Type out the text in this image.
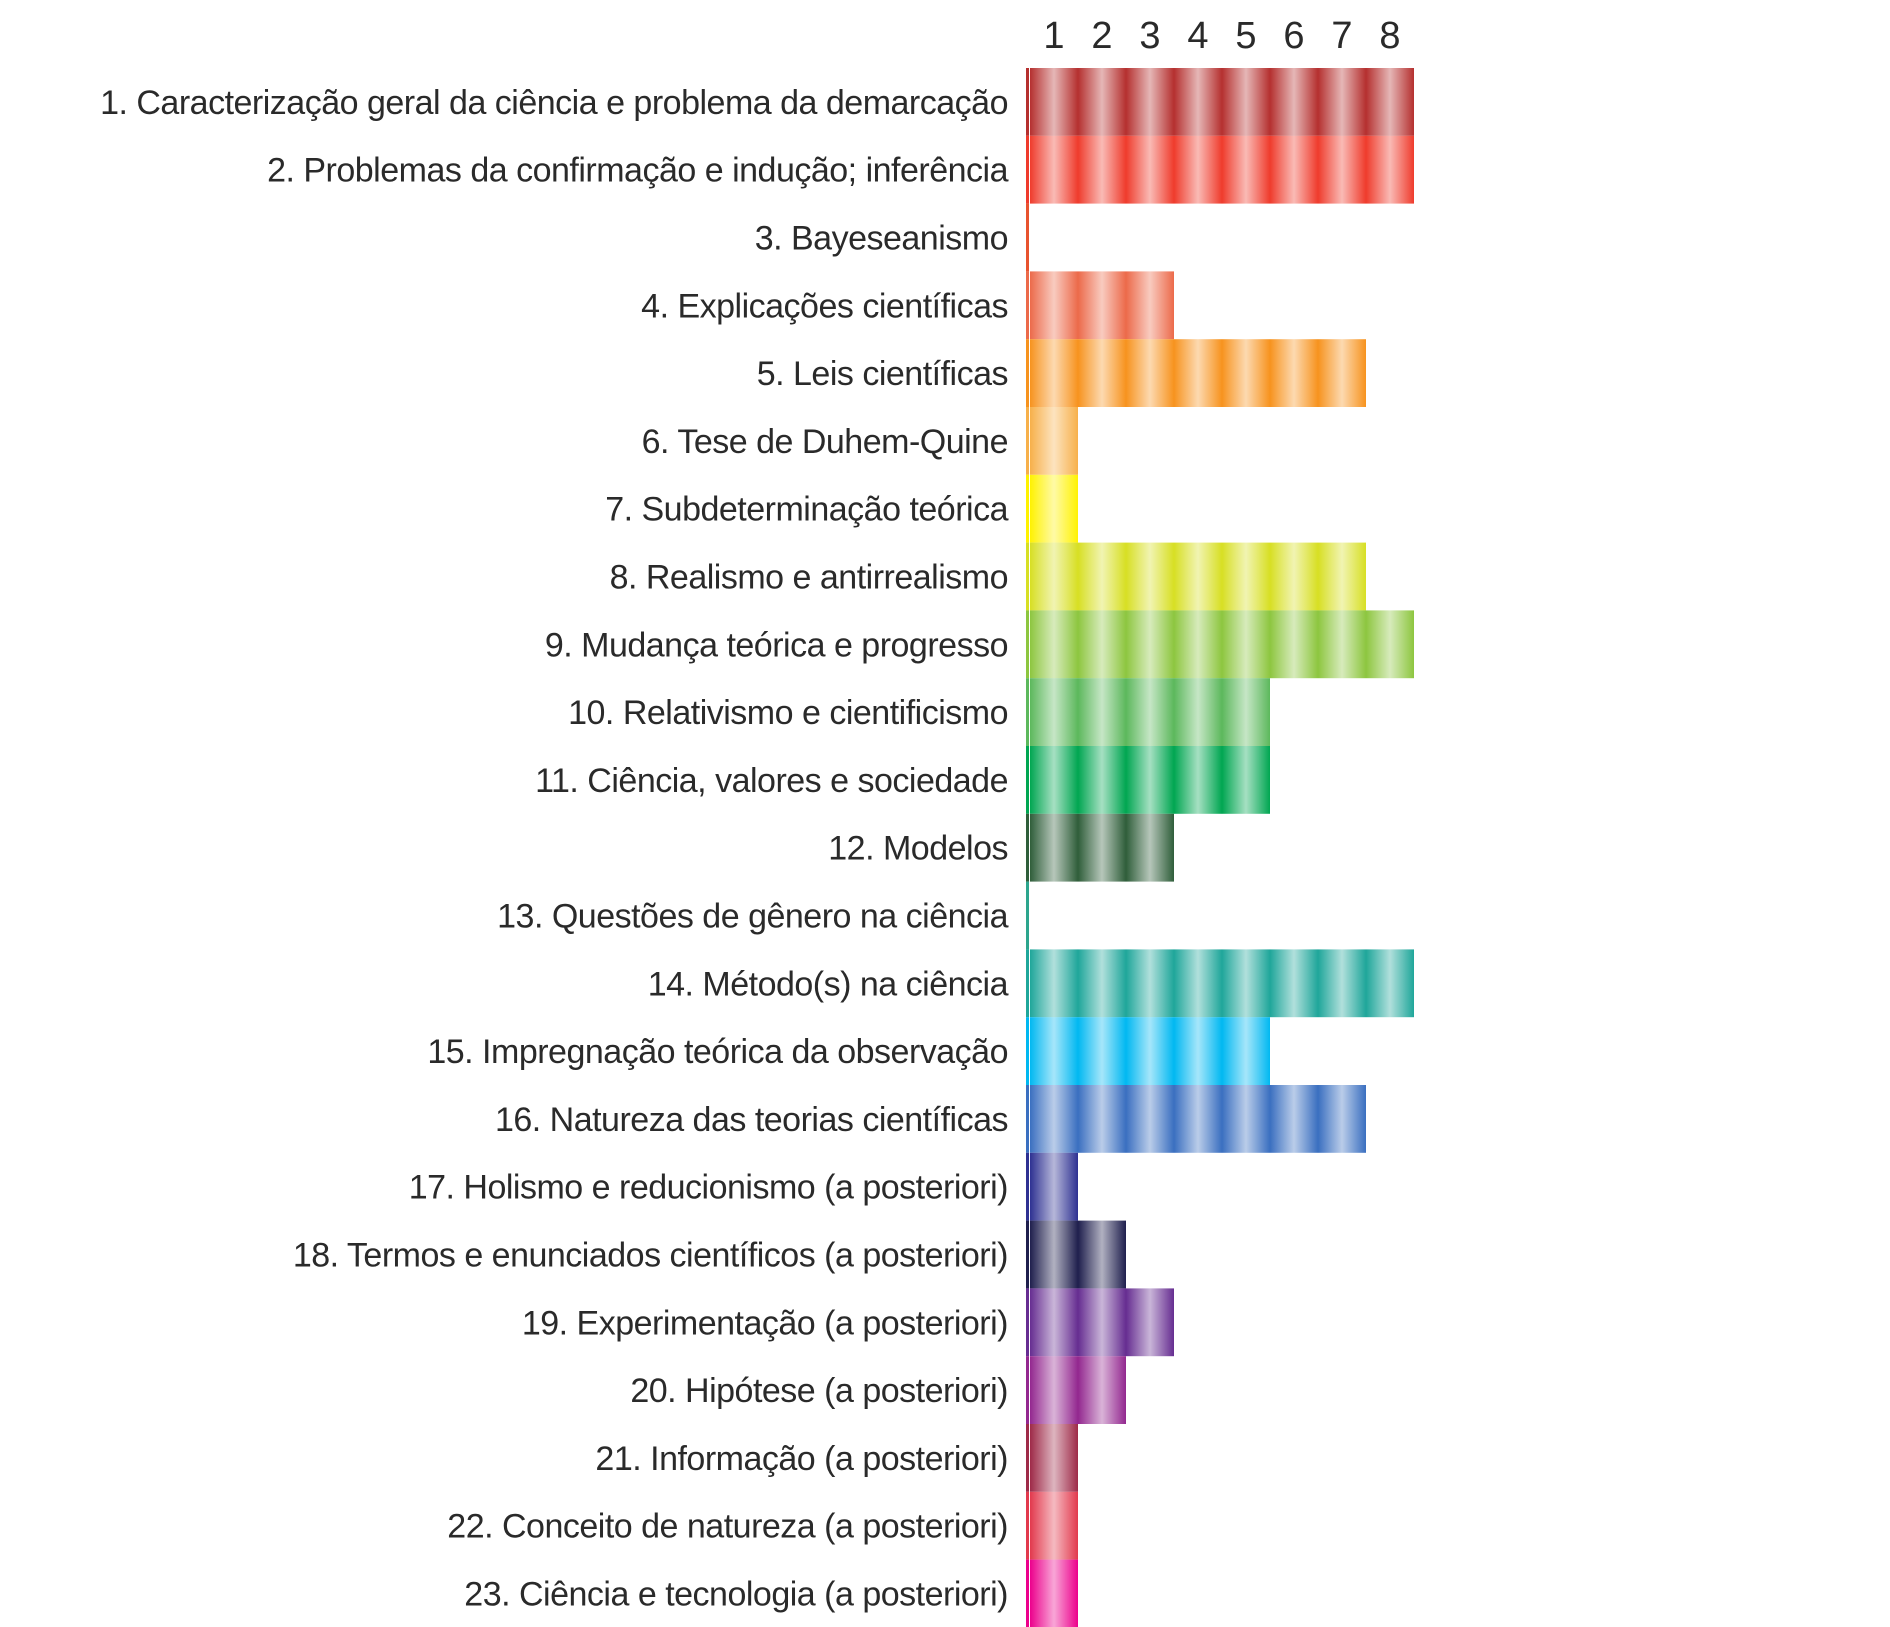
1 2 3 4 5 6 7 8
1. Caracterização geral da ciência e problema da demarcação
2. Problemas da confirmação e indução; inferência
3. Bayeseanismo
4. Explicações científicas
5. Leis científicas
6. Tese de Duhem-Quine
7. Subdeterminação teórica
8. Realismo e antirrealismo
9. Mudança teórica e progresso
10. Relativismo e cientificismo
11. Ciência, valores e sociedade
12. Modelos
13. Questões de gênero na ciência
14. Método(s) na ciência
15. Impregnação teórica da observação
16. Natureza das teorias científicas
17. Holismo e reducionismo (a posteriori)
18. Termos e enunciados científicos (a posteriori)
19. Experimentação (a posteriori)
20. Hipótese (a posteriori)
21. Informação (a posteriori)
22. Conceito de natureza (a posteriori)
23. Ciência e tecnologia (a posteriori)
